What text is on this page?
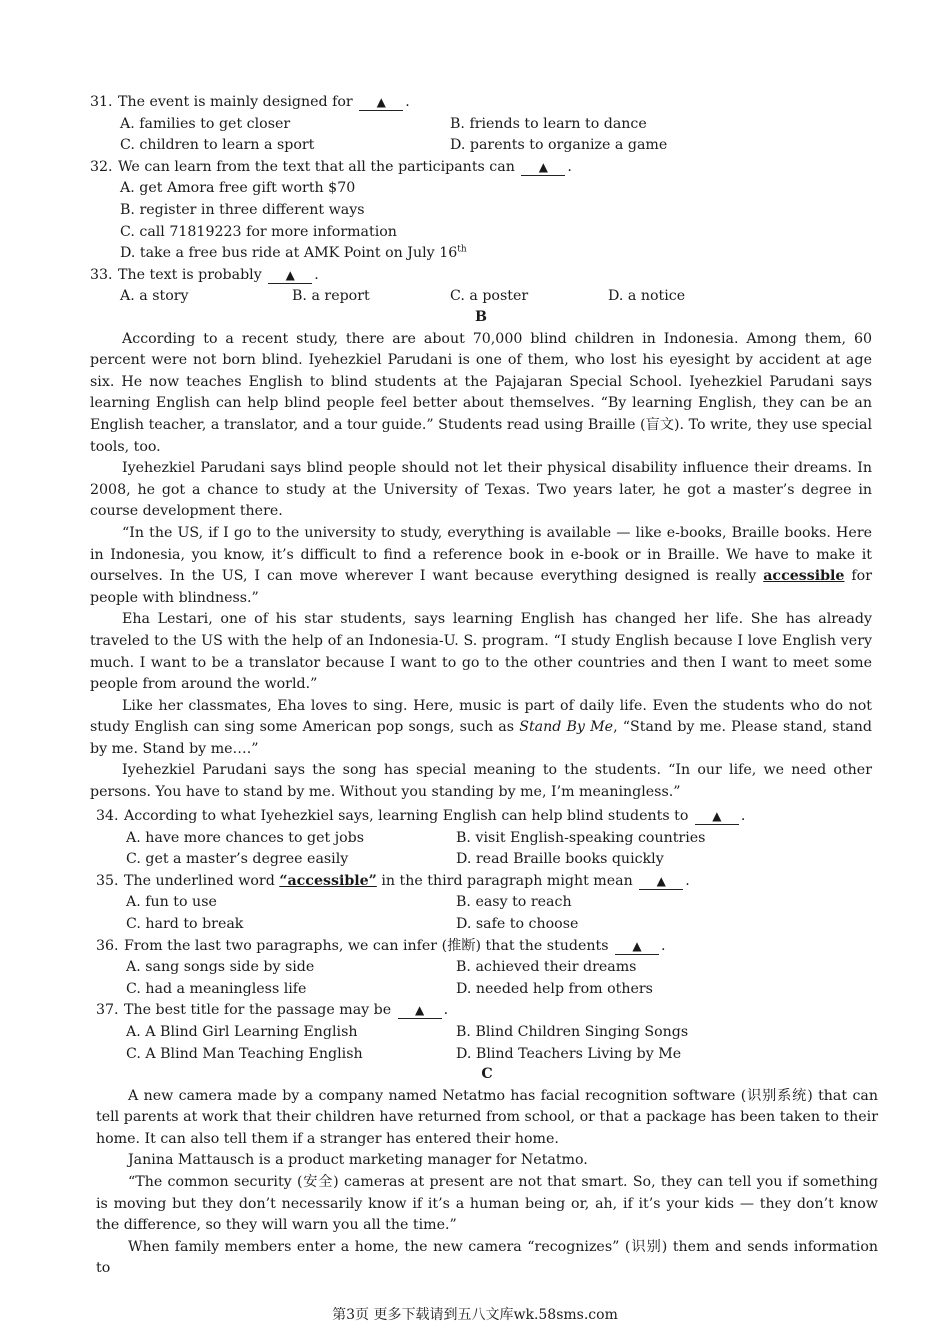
31. The event is mainly designed for ▲	.

A. families to get closer	B. friends to learn to dance
C. children to learn a sport	D. parents to organize a game

32. We can learn from the text that all the participants can ▲	.

A. get Amora free gift worth $70
B. register in three different ways
C. call 71819223 for more information
D. take a free bus ride at AMK Point on July 16th

33. The text is probably ▲	.

A. a story	B. a report	C. a poster	D. a notice

B

According to a recent study, there are about 70,000 blind children in Indonesia. Among them, 60 percent were not born blind. Iyehezkiel Parudani is one of them, who lost his eyesight by accident at age six. He now teaches English to blind students at the Pajajaran Special School. Iyehezkiel Parudani says learning English can help blind people feel better about themselves. “By learning English, they can be an English teacher, a translator, and a tour guide.” Students read using Braille (盲文). To write, they use special tools, too.

Iyehezkiel Parudani says blind people should not let their physical disability influence their dreams. In 2008, he got a chance to study at the University of Texas. Two years later, he got a master’s degree in course development there.

“In the US, if I go to the university to study, everything is available — like e-books, Braille books. Here in Indonesia, you know, it’s difficult to find a reference book in e-book or in Braille. We have to make it ourselves. In the US, I can move wherever I want because everything designed is really accessible for people with blindness.”

Eha Lestari, one of his star students, says learning English has changed her life. She has already traveled to the US with the help of an Indonesia-U. S. program. “I study English because I love English very much. I want to be a translator because I want to go to the other countries and then I want to meet some people from around the world.”

Like her classmates, Eha loves to sing. Here, music is part of daily life. Even the students who do not study English can sing some American pop songs, such as Stand By Me, “Stand by me. Please stand, stand by me. Stand by me….”

Iyehezkiel Parudani says the song has special meaning to the students. “In our life, we need other persons. You have to stand by me. Without you standing by me, I’m meaningless.”

34. According to what Iyehezkiel says, learning English can help blind students to ▲	.

A. have more chances to get jobs	B. visit English-speaking countries
C. get a master’s degree easily	D. read Braille books quickly

35. The underlined word “accessible” in the third paragraph might mean ▲	.

A. fun to use	B. easy to reach
C. hard to break	D. safe to choose

36. From the last two paragraphs, we can infer (推断) that the students ▲	.

A. sang songs side by side	B. achieved their dreams
C. had a meaningless life	D. needed help from others

37. The best title for the passage may be ▲	.

A. A Blind Girl Learning English	B. Blind Children Singing Songs
C. A Blind Man Teaching English	D. Blind Teachers Living by Me

C

A new camera made by a company named Netatmo has facial recognition software (识别系统) that can tell parents at work that their children have returned from school, or that a package has been taken to their home. It can also tell them if a stranger has entered their home.

Janina Mattausch is a product marketing manager for Netatmo.

“The common security (安全) cameras at present are not that smart. So, they can tell you if something is moving but they don’t necessarily know if it’s a human being or, ah, if it’s your kids — they don’t know the difference, so they will warn you all the time.”

When family members enter a home, the new camera “recognizes” (识别) them and sends information to

第3页 更多下载请到五八文库wk.58sms.com
